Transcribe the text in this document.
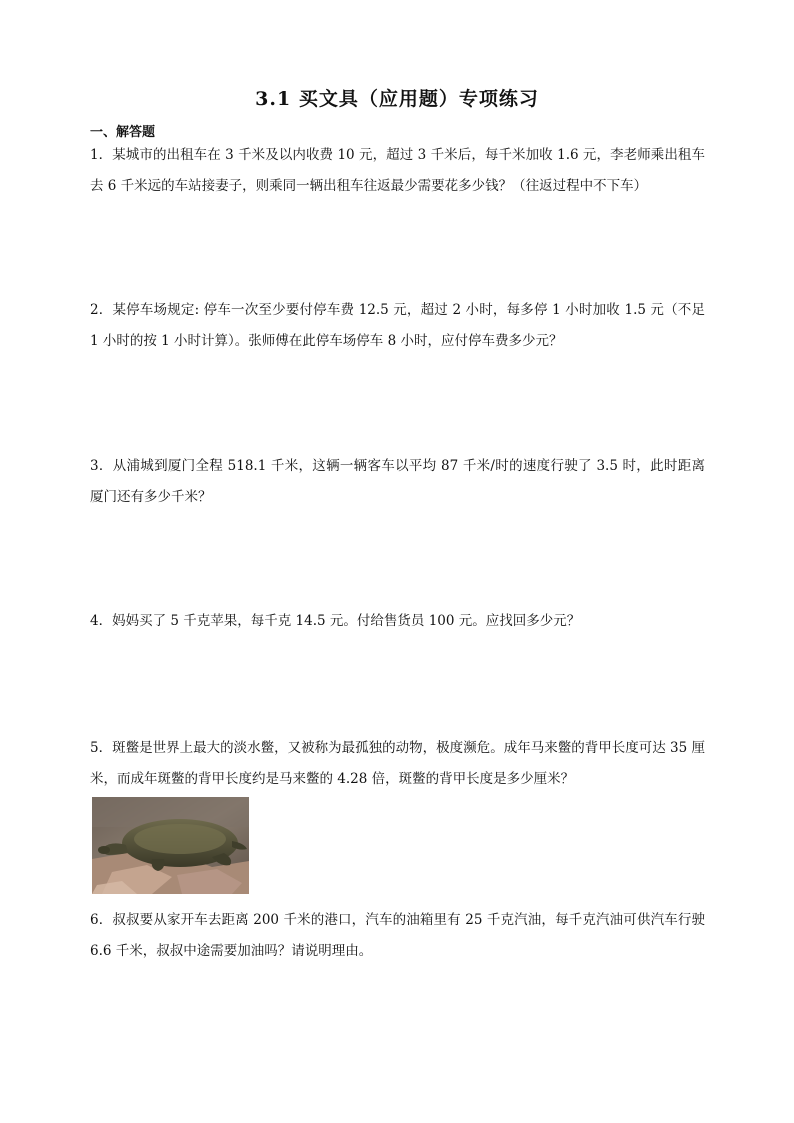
3.1 买文具（应用题）专项练习
一、解答题
1．某城市的出租车在 3 千米及以内收费 10 元，超过 3 千米后，每千米加收 1.6 元，李老师乘出租车去 6 千米远的车站接妻子，则乘同一辆出租车往返最少需要花多少钱？（往返过程中不下车）
2．某停车场规定: 停车一次至少要付停车费 12.5 元，超过 2 小时，每多停 1 小时加收 1.5 元（不足 1 小时的按 1 小时计算）。张师傅在此停车场停车 8 小时，应付停车费多少元？
3．从浦城到厦门全程 518.1 千米，这辆一辆客车以平均 87 千米/时的速度行驶了 3.5 时，此时距离厦门还有多少千米？
4．妈妈买了 5 千克苹果，每千克 14.5 元。付给售货员 100 元。应找回多少元？
5．斑鳖是世界上最大的淡水鳖，又被称为最孤独的动物，极度濒危。成年马来鳖的背甲长度可达 35 厘米，而成年斑鳖的背甲长度约是马来鳖的 4.28 倍，斑鳖的背甲长度是多少厘米？
6．叔叔要从家开车去距离 200 千米的港口，汽车的油箱里有 25 千克汽油，每千克汽油可供汽车行驶 6.6 千米，叔叔中途需要加油吗？请说明理由。
